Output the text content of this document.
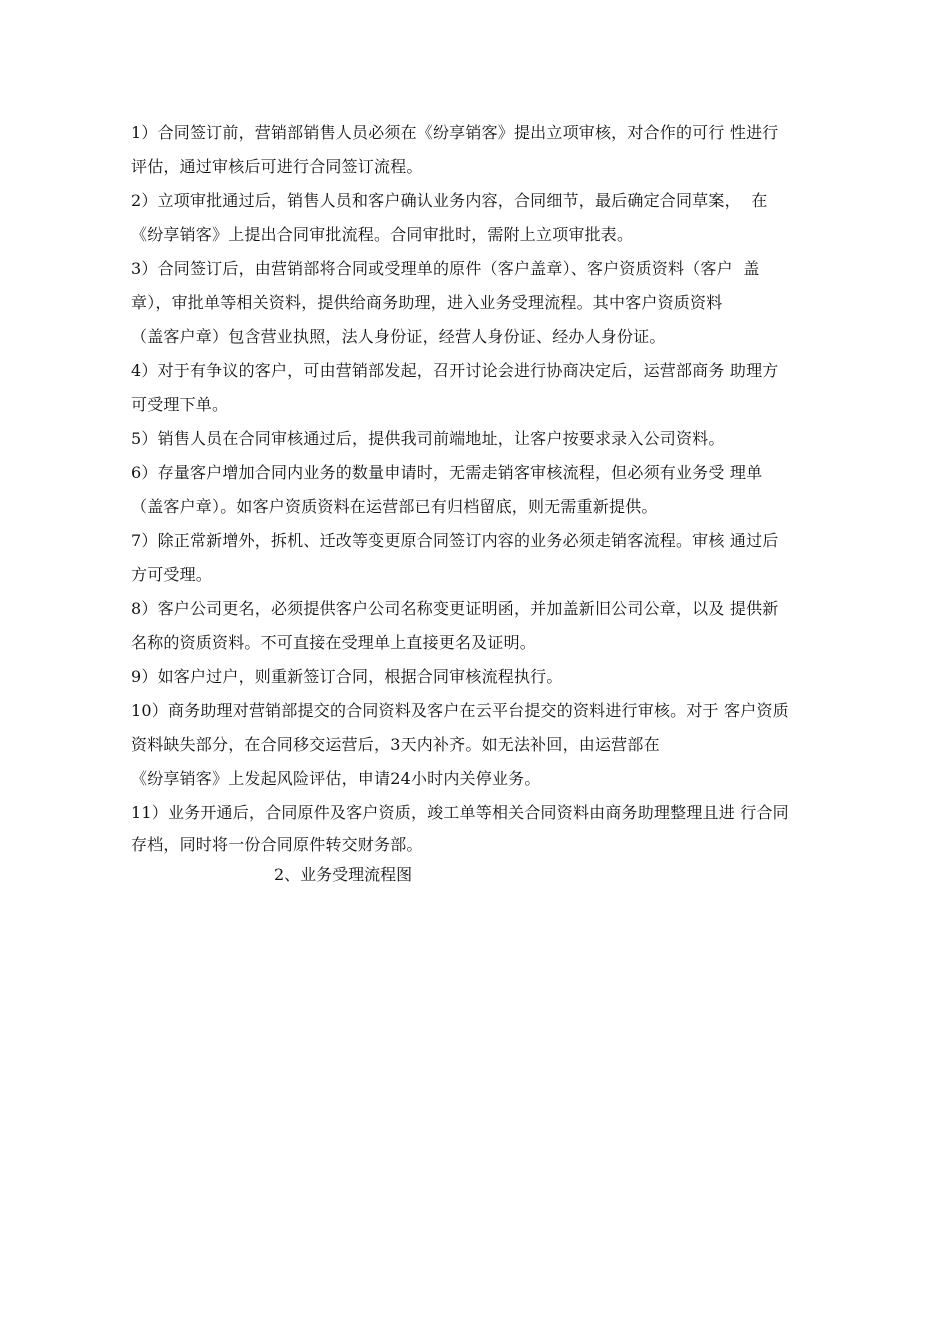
1）合同签订前，营销部销售人员必须在《纷享销客》提出立项审核，对合作的可行 性进行
评估，通过审核后可进行合同签订流程。
2）立项审批通过后，销售人员和客户确认业务内容，合同细节，最后确定合同草案，  在
《纷享销客》上提出合同审批流程。合同审批时，需附上立项审批表。
3）合同签订后，由营销部将合同或受理单的原件（客户盖章）、客户资质资料（客户  盖
章），审批单等相关资料，提供给商务助理，进入业务受理流程。其中客户资质资料
（盖客户章）包含营业执照，法人身份证，经营人身份证、经办人身份证。
4）对于有争议的客户，可由营销部发起，召开讨论会进行协商决定后，运营部商务 助理方
可受理下单。
5）销售人员在合同审核通过后，提供我司前端地址，让客户按要求录入公司资料。
6）存量客户增加合同内业务的数量申请时，无需走销客审核流程，但必须有业务受 理单
（盖客户章）。如客户资质资料在运营部已有归档留底，则无需重新提供。
7）除正常新增外，拆机、迁改等变更原合同签订内容的业务必须走销客流程。审核 通过后
方可受理。
8）客户公司更名，必须提供客户公司名称变更证明函，并加盖新旧公司公章，以及 提供新
名称的资质资料。不可直接在受理单上直接更名及证明。
9）如客户过户，则重新签订合同，根据合同审核流程执行。
10）商务助理对营销部提交的合同资料及客户在云平台提交的资料进行审核。对于 客户资质
资料缺失部分，在合同移交运营后，3天内补齐。如无法补回，由运营部在
《纷享销客》上发起风险评估，申请24小时内关停业务。
11）业务开通后，合同原件及客户资质，竣工单等相关合同资料由商务助理整理且进 行合同
存档，同时将一份合同原件转交财务部。
2、业务受理流程图
